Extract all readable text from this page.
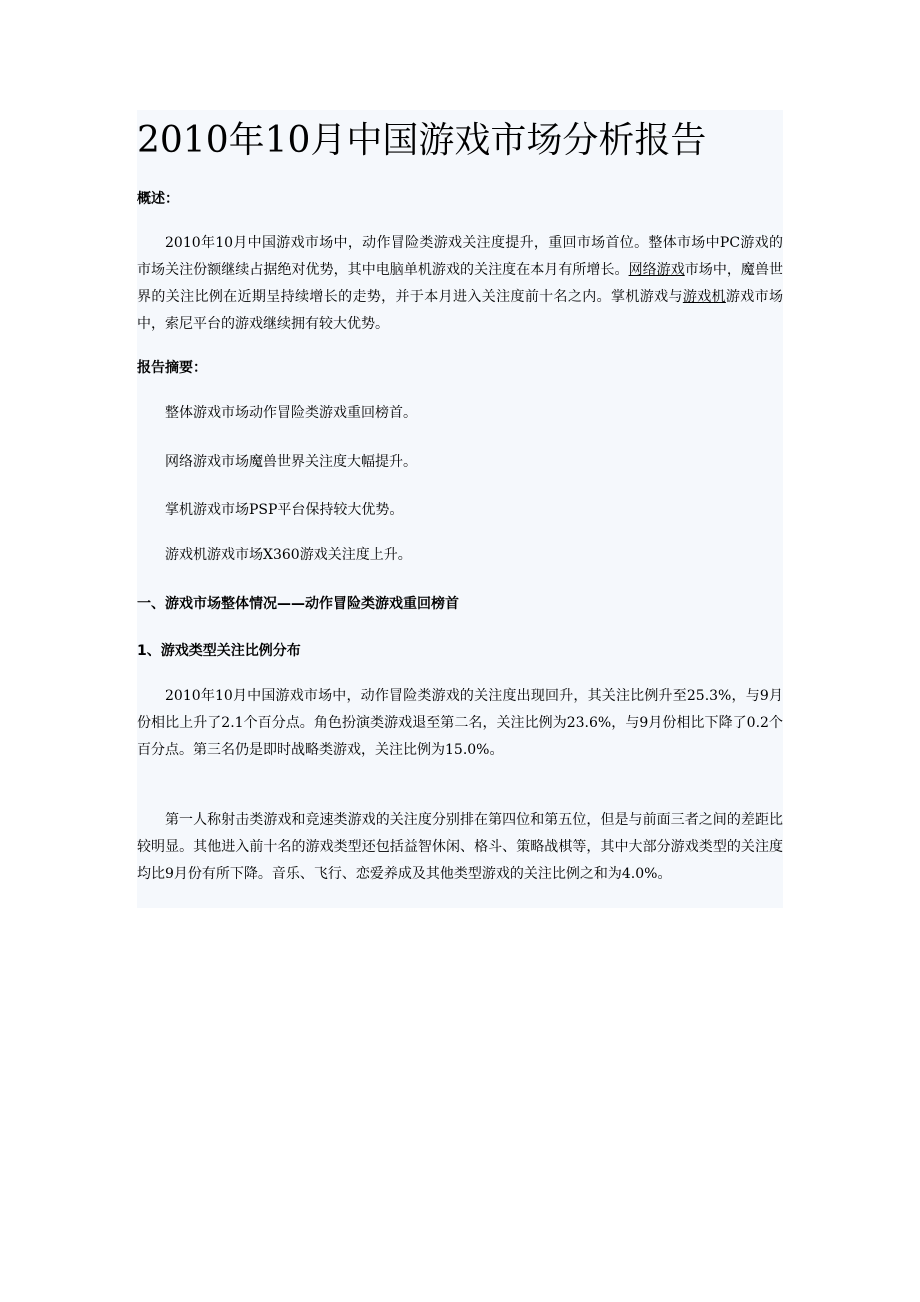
2010年10月中国游戏市场分析报告

概述：

2010年10月中国游戏市场中，动作冒险类游戏关注度提升，重回市场首位。整体市场中PC游戏的市场关注份额继续占据绝对优势，其中电脑单机游戏的关注度在本月有所增长。网络游戏市场中，魔兽世界的关注比例在近期呈持续增长的走势，并于本月进入关注度前十名之内。掌机游戏与游戏机游戏市场中，索尼平台的游戏继续拥有较大优势。

报告摘要：

整体游戏市场动作冒险类游戏重回榜首。

网络游戏市场魔兽世界关注度大幅提升。

掌机游戏市场PSP平台保持较大优势。

游戏机游戏市场X360游戏关注度上升。

一、游戏市场整体情况——动作冒险类游戏重回榜首

1、游戏类型关注比例分布

2010年10月中国游戏市场中，动作冒险类游戏的关注度出现回升，其关注比例升至25.3%，与9月份相比上升了2.1个百分点。角色扮演类游戏退至第二名，关注比例为23.6%，与9月份相比下降了0.2个百分点。第三名仍是即时战略类游戏，关注比例为15.0%。

第一人称射击类游戏和竞速类游戏的关注度分别排在第四位和第五位，但是与前面三者之间的差距比较明显。其他进入前十名的游戏类型还包括益智休闲、格斗、策略战棋等，其中大部分游戏类型的关注度均比9月份有所下降。音乐、飞行、恋爱养成及其他类型游戏的关注比例之和为4.0%。
